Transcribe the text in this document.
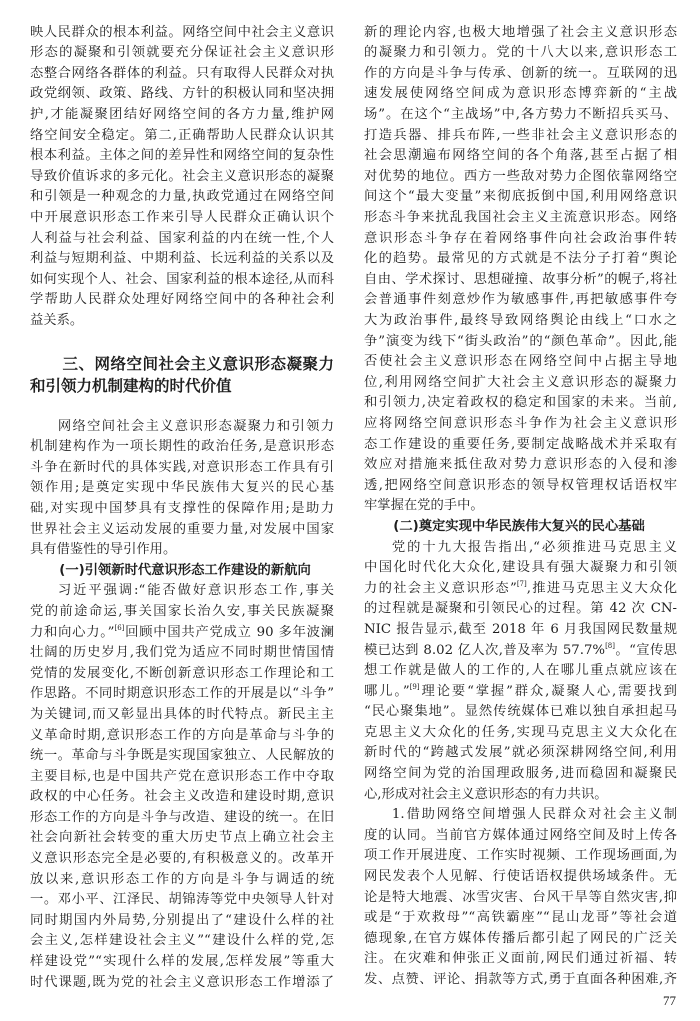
映人民群众的根本利益。网络空间中社会主义意识
形态的凝聚和引领就要充分保证社会主义意识形
态整合网络各群体的利益。只有取得人民群众对执
政党纲领、政策、路线、方针的积极认同和坚决拥
护,才能凝聚团结好网络空间的各方力量,维护网
络空间安全稳定。第二,正确帮助人民群众认识其
根本利益。主体之间的差异性和网络空间的复杂性
导致价值诉求的多元化。社会主义意识形态的凝聚
和引领是一种观念的力量,执政党通过在网络空间
中开展意识形态工作来引导人民群众正确认识个
人利益与社会利益、国家利益的内在统一性,个人
利益与短期利益、中期利益、长远利益的关系以及
如何实现个人、社会、国家利益的根本途径,从而科
学帮助人民群众处理好网络空间中的各种社会利
益关系。
三、网络空间社会主义意识形态凝聚力
和引领力机制建构的时代价值
网络空间社会主义意识形态凝聚力和引领力
机制建构作为一项长期性的政治任务,是意识形态
斗争在新时代的具体实践,对意识形态工作具有引
领作用;是奠定实现中华民族伟大复兴的民心基
础,对实现中国梦具有支撑性的保障作用;是助力
世界社会主义运动发展的重要力量,对发展中国家
具有借鉴性的导引作用。
(一)引领新时代意识形态工作建设的新航向
习近平强调:“能否做好意识形态工作,事关
党的前途命运,事关国家长治久安,事关民族凝聚
力和向心力。”[6]回顾中国共产党成立 90 多年波澜
壮阔的历史岁月,我们党为适应不同时期世情国情
党情的发展变化,不断创新意识形态工作理论和工
作思路。不同时期意识形态工作的开展是以“斗争”
为关键词,而又彰显出具体的时代特点。新民主主
义革命时期,意识形态工作的方向是革命与斗争的
统一。革命与斗争既是实现国家独立、人民解放的
主要目标,也是中国共产党在意识形态工作中夺取
政权的中心任务。社会主义改造和建设时期,意识
形态工作的方向是斗争与改造、建设的统一。在旧
社会向新社会转变的重大历史节点上确立社会主
义意识形态完全是必要的,有积极意义的。改革开
放以来,意识形态工作的方向是斗争与调适的统
一。邓小平、江泽民、胡锦涛等党中央领导人针对
同时期国内外局势,分别提出了“建设什么样的社
会主义,怎样建设社会主义”“建设什么样的党,怎
样建设党”“实现什么样的发展,怎样发展”等重大
时代课题,既为党的社会主义意识形态工作增添了
新的理论内容,也极大地增强了社会主义意识形态
的凝聚力和引领力。党的十八大以来,意识形态工
作的方向是斗争与传承、创新的统一。互联网的迅
速发展使网络空间成为意识形态博弈新的“主战
场”。在这个“主战场”中,各方势力不断招兵买马、
打造兵器、排兵布阵,一些非社会主义意识形态的
社会思潮遍布网络空间的各个角落,甚至占据了相
对优势的地位。西方一些敌对势力企图依靠网络空
间这个“最大变量”来彻底扳倒中国,利用网络意识
形态斗争来扰乱我国社会主义主流意识形态。网络
意识形态斗争存在着网络事件向社会政治事件转
化的趋势。最常见的方式就是不法分子打着“舆论
自由、学术探讨、思想碰撞、故事分析”的幌子,将社
会普通事件刻意炒作为敏感事件,再把敏感事件夸
大为政治事件,最终导致网络舆论由线上“口水之
争”演变为线下“街头政治”的“颜色革命”。因此,能
否使社会主义意识形态在网络空间中占据主导地
位,利用网络空间扩大社会主义意识形态的凝聚力
和引领力,决定着政权的稳定和国家的未来。当前,
应将网络空间意识形态斗争作为社会主义意识形
态工作建设的重要任务,要制定战略战术并采取有
效应对措施来抵住敌对势力意识形态的入侵和渗
透,把网络空间意识形态的领导权管理权话语权牢
牢掌握在党的手中。
(二)奠定实现中华民族伟大复兴的民心基础
党的十九大报告指出,“必须推进马克思主义
中国化时代化大众化,建设具有强大凝聚力和引领
力的社会主义意识形态”[7],推进马克思主义大众化
的过程就是凝聚和引领民心的过程。第 42 次 CN-
NIC 报告显示,截至 2018 年 6 月我国网民数量规
模已达到 8.02 亿人次,普及率为 57.7%[8]。“宣传思
想工作就是做人的工作的,人在哪儿重点就应该在
哪儿。”[9]理论要“掌握”群众,凝聚人心,需要找到
“民心聚集地”。显然传统媒体已难以独自承担起马
克思主义大众化的任务,实现马克思主义大众化在
新时代的“跨越式发展”就必须深耕网络空间,利用
网络空间为党的治国理政服务,进而稳固和凝聚民
心,形成对社会主义意识形态的有力共识。
1.借助网络空间增强人民群众对社会主义制
度的认同。当前官方媒体通过网络空间及时上传各
项工作开展进度、工作实时视频、工作现场画面,为
网民发表个人见解、行使话语权提供场域条件。无
论是特大地震、冰雪灾害、台风干旱等自然灾害,抑
或是“于欢救母”“高铁霸座”“昆山龙哥”等社会道
德现象,在官方媒体传播后都引起了网民的广泛关
注。在灾难和伸张正义面前,网民们通过祈福、转
发、点赞、评论、捐款等方式,勇于直面各种困难,齐
77
